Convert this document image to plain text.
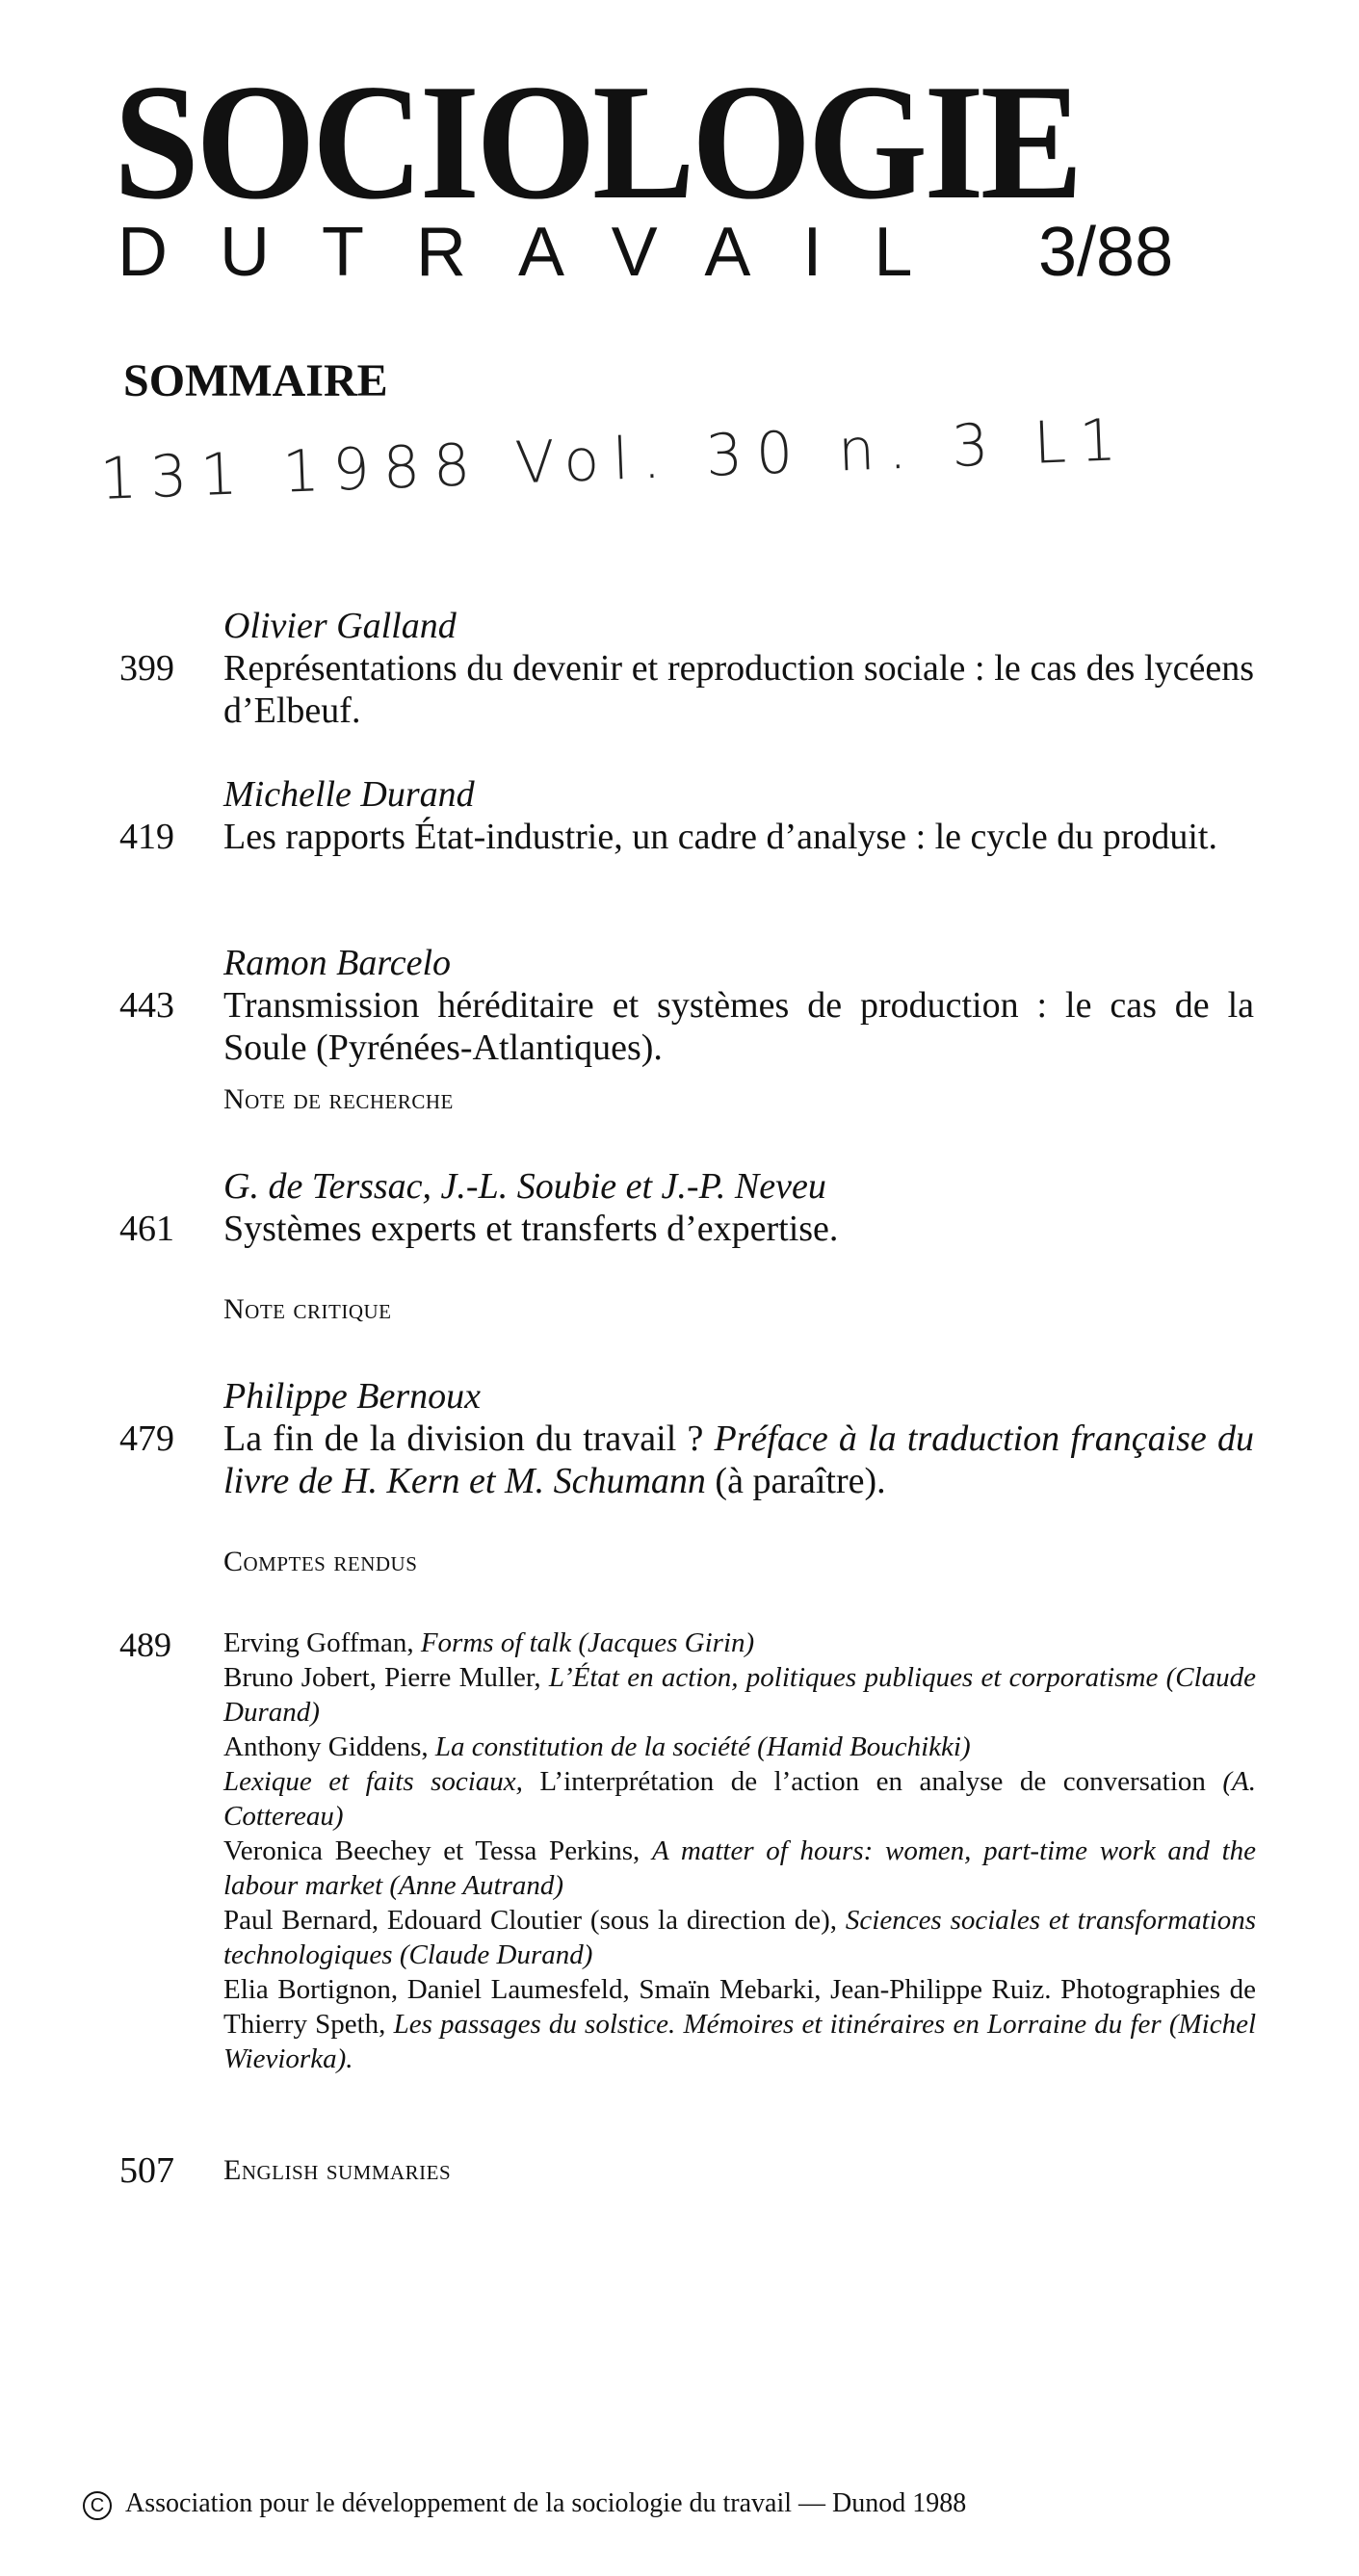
SOCIOLOGIE
DUTRAVAIL 3/88
SOMMAIRE
131 1988 Vol. 30 n. 3 L1
Olivier Galland
399 Représentations du devenir et reproduction sociale : le cas des lycéens d’Elbeuf.
Michelle Durand
419 Les rapports État-industrie, un cadre d’analyse : le cycle du produit.
Ramon Barcelo
443 Transmission héréditaire et systèmes de production : le cas de la Soule (Pyrénées-Atlantiques).
Note de recherche
G. de Terssac, J.-L. Soubie et J.-P. Neveu
461 Systèmes experts et transferts d’expertise.
Note critique
Philippe Bernoux
479 La fin de la division du travail ? Préface à la traduction française du livre de H. Kern et M. Schumann (à paraître).
Comptes rendus
489 Erving Goffman, Forms of talk (Jacques Girin)
Bruno Jobert, Pierre Muller, L’État en action, politiques publiques et corporatisme (Claude Durand)
Anthony Giddens, La constitution de la société (Hamid Bouchikki)
Lexique et faits sociaux, L’interprétation de l’action en analyse de conversation (A. Cottereau)
Veronica Beechey et Tessa Perkins, A matter of hours: women, part-time work and the labour market (Anne Autrand)
Paul Bernard, Edouard Cloutier (sous la direction de), Sciences sociales et transformations technologiques (Claude Durand)
Elia Bortignon, Daniel Laumesfeld, Smaïn Mebarki, Jean-Philippe Ruiz. Photographies de Thierry Speth, Les passages du solstice. Mémoires et itinéraires en Lorraine du fer (Michel Wieviorka).
507 English summaries
C Association pour le développement de la sociologie du travail — Dunod 1988
